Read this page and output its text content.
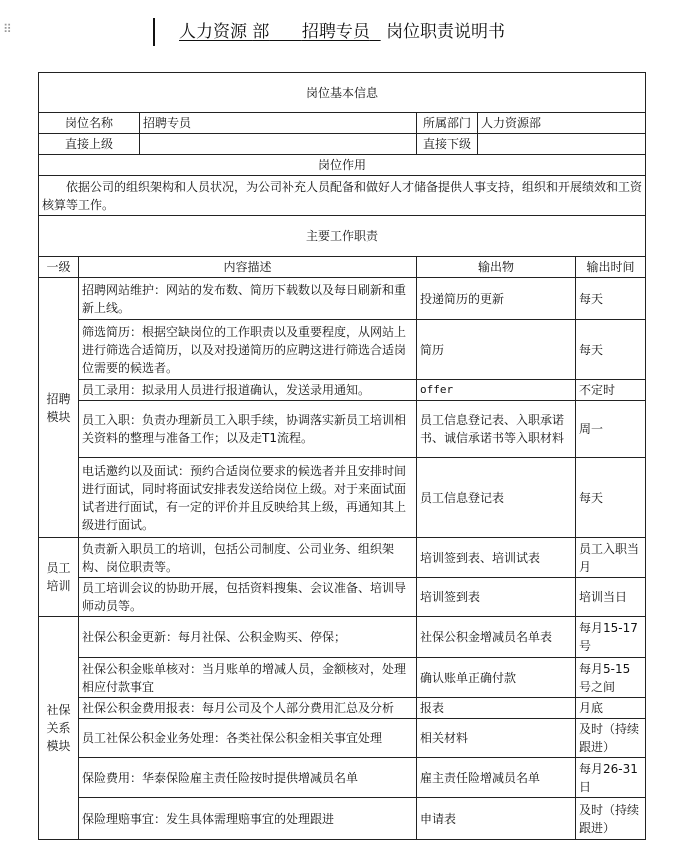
⠿	人力资源 部 招聘专员 岗位职责说明书
岗位基本信息					
岗位名称		招聘专员	所属部门	人力资源部	
直接上级			直接下级		
岗位作用					
依据公司的组织架构和人员状况，为公司补充人员配备和做好人才储备提供人事支持，组织和开展绩效和工资核算等工作。					
主要工作职责					
一级	内容描述		输出物		输出时间
招聘模块	招聘网站维护：网站的发布数、简历下载数以及每日刷新和重新上线。		投递简历的更新		每天
	筛选简历：根据空缺岗位的工作职责以及重要程度，从网站上进行筛选合适简历，以及对投递简历的应聘这进行筛选合适岗位需要的候选者。		简历		每天
	员工录用：拟录用人员进行报道确认，发送录用通知。		offer		不定时
	员工入职：负责办理新员工入职手续，协调落实新员工培训相关资料的整理与准备工作；以及走T1流程。		员工信息登记表、入职承诺书、诚信承诺书等入职材料		周一
	电话邀约以及面试：预约合适岗位要求的候选者并且安排时间进行面试，同时将面试安排表发送给岗位上级。对于来面试面试者进行面试，有一定的评价并且反映给其上级，再通知其上级进行面试。		员工信息登记表		每天
员工培训	负责新入职员工的培训，包括公司制度、公司业务、组织架构、岗位职责等。		培训签到表、培训试表		员工入职当月
	员工培训会议的协助开展，包括资料搜集、会议准备、培训导师动员等。		培训签到表		培训当日
社保关系模块	社保公积金更新：每月社保、公积金购买、停保；		社保公积金增减员名单表		每月15-17号
	社保公积金账单核对：当月账单的增减人员，金额核对，处理相应付款事宜		确认账单正确付款		每月5-15号之间
	社保公积金费用报表：每月公司及个人部分费用汇总及分析		报表		月底
	员工社保公积金业务处理：各类社保公积金相关事宜处理		相关材料		及时（持续跟进）
	保险费用：华泰保险雇主责任险按时提供增减员名单		雇主责任险增减员名单		每月26-31日
	保险理赔事宜：发生具体需理赔事宜的处理跟进		申请表		及时（持续跟进）
